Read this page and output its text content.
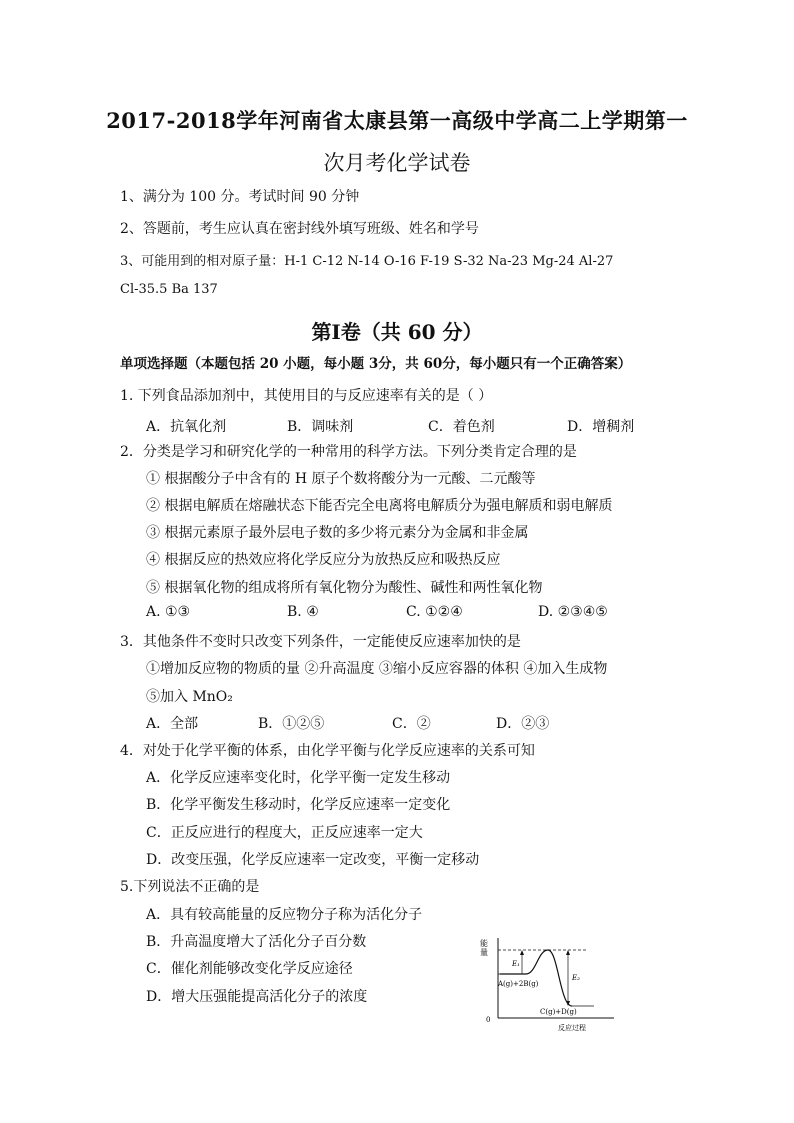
2017-2018学年河南省太康县第一高级中学高二上学期第一
次月考化学试卷
1、满分为 100 分。考试时间 90 分钟
2、答题前，考生应认真在密封线外填写班级、姓名和学号
3、可能用到的相对原子量：H-1 C-12 N-14 O-16 F-19 S-32 Na-23 Mg-24 Al-27
Cl-35.5 Ba 137
第Ⅰ卷（共 60 分）
单项选择题（本题包括 20 小题，每小题 3分，共 60分，每小题只有一个正确答案）
1. 下列食品添加剂中，其使用目的与反应速率有关的是（ ）
A．抗氧化剂	B．调味剂	C．着色剂	D．增稠剂
2．分类是学习和研究化学的一种常用的科学方法。下列分类肯定合理的是
① 根据酸分子中含有的 H 原子个数将酸分为一元酸、二元酸等
② 根据电解质在熔融状态下能否完全电离将电解质分为强电解质和弱电解质
③ 根据元素原子最外层电子数的多少将元素分为金属和非金属
④ 根据反应的热效应将化学反应分为放热反应和吸热反应
⑤ 根据氧化物的组成将所有氧化物分为酸性、碱性和两性氧化物
A. ①③	B. ④	C. ①②④	D. ②③④⑤
3．其他条件不变时只改变下列条件，一定能使反应速率加快的是
①增加反应物的物质的量 ②升高温度 ③缩小反应容器的体积 ④加入生成物
⑤加入 MnO₂
A．全部	B．①②⑤	C．②	D．②③
4．对处于化学平衡的体系，由化学平衡与化学反应速率的关系可知
A．化学反应速率变化时，化学平衡一定发生移动
B．化学平衡发生移动时，化学反应速率一定变化
C．正反应进行的程度大，正反应速率一定大
D．改变压强，化学反应速率一定改变，平衡一定移动
5.下列说法不正确的是
A．具有较高能量的反应物分子称为活化分子
B．升高温度增大了活化分子百分数
C．催化剂能够改变化学反应途径
D．增大压强能提高活化分子的浓度
能
量
E₁
E₂
A(g)+2B(g)
C(g)+D(g)
0
反应过程
